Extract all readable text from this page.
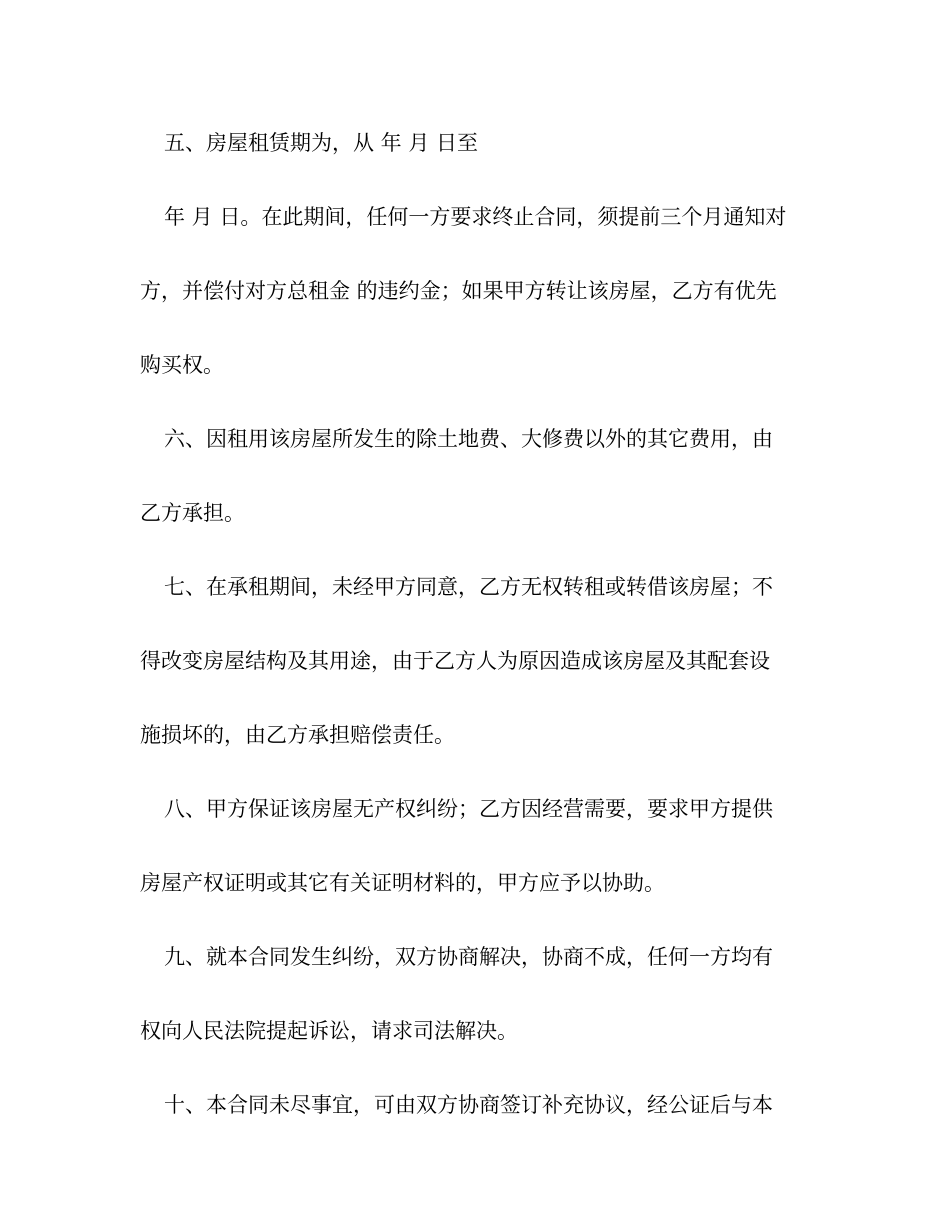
五、房屋租赁期为，从 年 月 日至
年 月 日。在此期间，任何一方要求终止合同，须提前三个月通知对
方，并偿付对方总租金 的违约金；如果甲方转让该房屋，乙方有优先
购买权。
六、因租用该房屋所发生的除土地费、大修费以外的其它费用，由
乙方承担。
七、在承租期间，未经甲方同意，乙方无权转租或转借该房屋；不
得改变房屋结构及其用途，由于乙方人为原因造成该房屋及其配套设
施损坏的，由乙方承担赔偿责任。
八、甲方保证该房屋无产权纠纷；乙方因经营需要，要求甲方提供
房屋产权证明或其它有关证明材料的，甲方应予以协助。
九、就本合同发生纠纷，双方协商解决，协商不成，任何一方均有
权向人民法院提起诉讼，请求司法解决。
十、本合同未尽事宜，可由双方协商签订补充协议，经公证后与本
